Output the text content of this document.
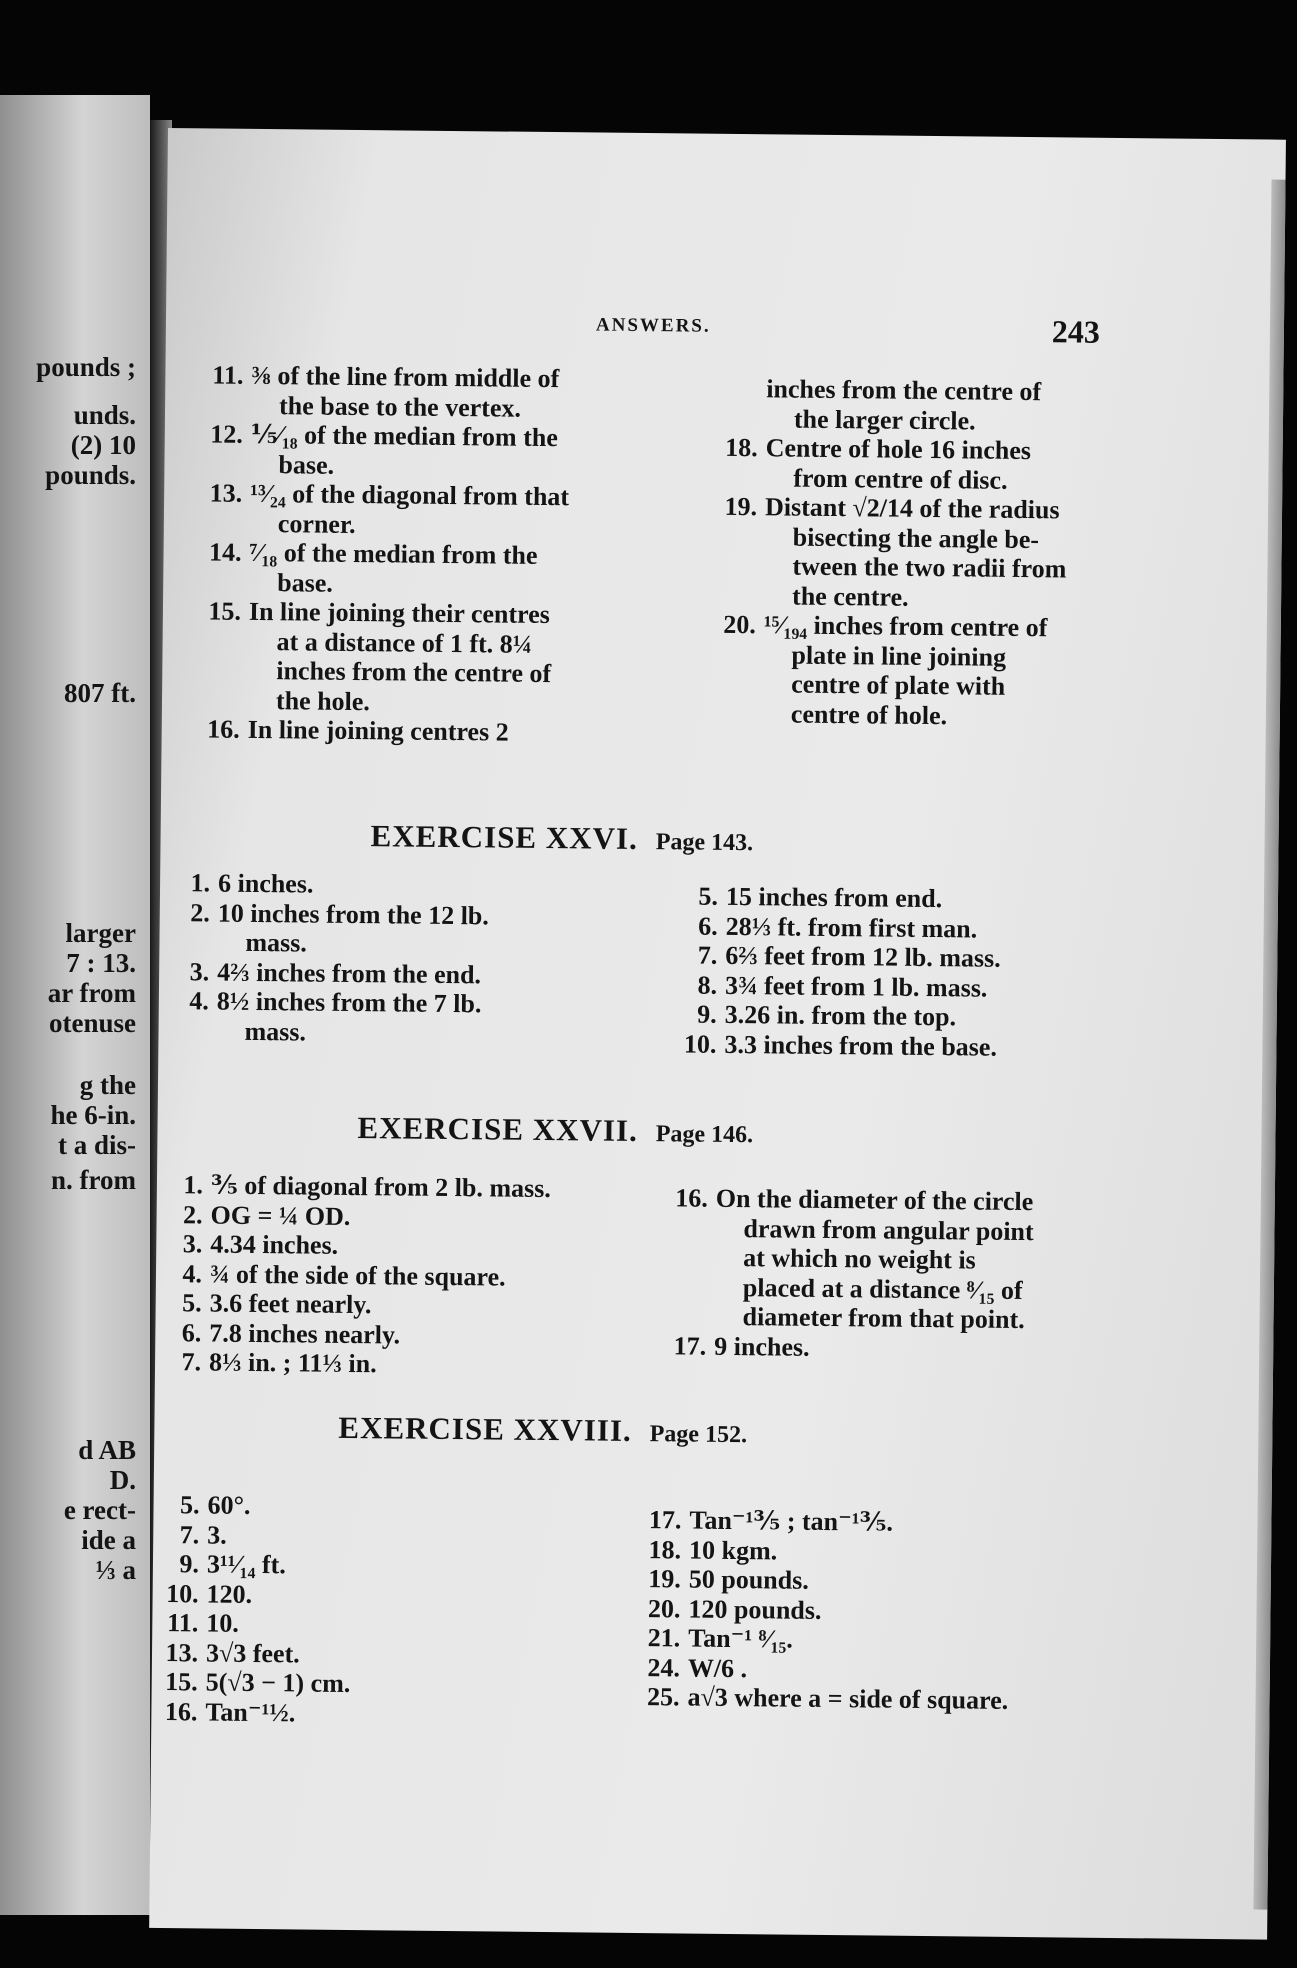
pounds ;
unds.
(2) 10
pounds.
807 ft.
larger
7 : 13.
ar from
otenuse
g the
he 6-in.
t a dis-
n. from
d AB
D.
e rect-
ide a
⅓ a
ANSWERS.	243
11. ⅜ of the line from middle of
the base to the vertex.
12. ⅕⁄₁₈ of the median from the
base.
13. ¹³⁄₂₄ of the diagonal from that
corner.
14. ⁷⁄₁₈ of the median from the
base.
15. In line joining their centres
at a distance of 1 ft. 8¼
inches from the centre of
the hole.
16. In line joining centres 2
inches from the centre of
the larger circle.
18. Centre of hole 16 inches
from centre of disc.
19. Distant √2/14 of the radius
bisecting the angle be-
tween the two radii from
the centre.
20. ¹⁵⁄₁₉₄ inches from centre of
plate in line joining
centre of plate with
centre of hole.
EXERCISE XXVI. Page 143.
1. 6 inches.
2. 10 inches from the 12 lb.
mass.
3. 4⅔ inches from the end.
4. 8½ inches from the 7 lb.
mass.
5. 15 inches from end.
6. 28⅓ ft. from first man.
7. 6⅔ feet from 12 lb. mass.
8. 3¾ feet from 1 lb. mass.
9. 3.26 in. from the top.
10. 3.3 inches from the base.
EXERCISE XXVII. Page 146.
1. ⅗ of diagonal from 2 lb. mass.
2. OG = ¼ OD.
3. 4.34 inches.
4. ¾ of the side of the square.
5. 3.6 feet nearly.
6. 7.8 inches nearly.
7. 8⅓ in. ; 11⅓ in.
16. On the diameter of the circle
drawn from angular point
at which no weight is
placed at a distance ⁸⁄₁₅ of
diameter from that point.
17. 9 inches.
EXERCISE XXVIII. Page 152.
5. 60°.
7. 3.
9. 3¹¹⁄₁₄ ft.
10. 120.
11. 10.
13. 3√3 feet.
15. 5(√3 − 1) cm.
16. Tan⁻¹½.
17. Tan⁻¹⅗ ; tan⁻¹⅗.
18. 10 kgm.
19. 50 pounds.
20. 120 pounds.
21. Tan⁻¹ ⁸⁄₁₅.
24. W/6 .
25. a√3 where a = side of square.
